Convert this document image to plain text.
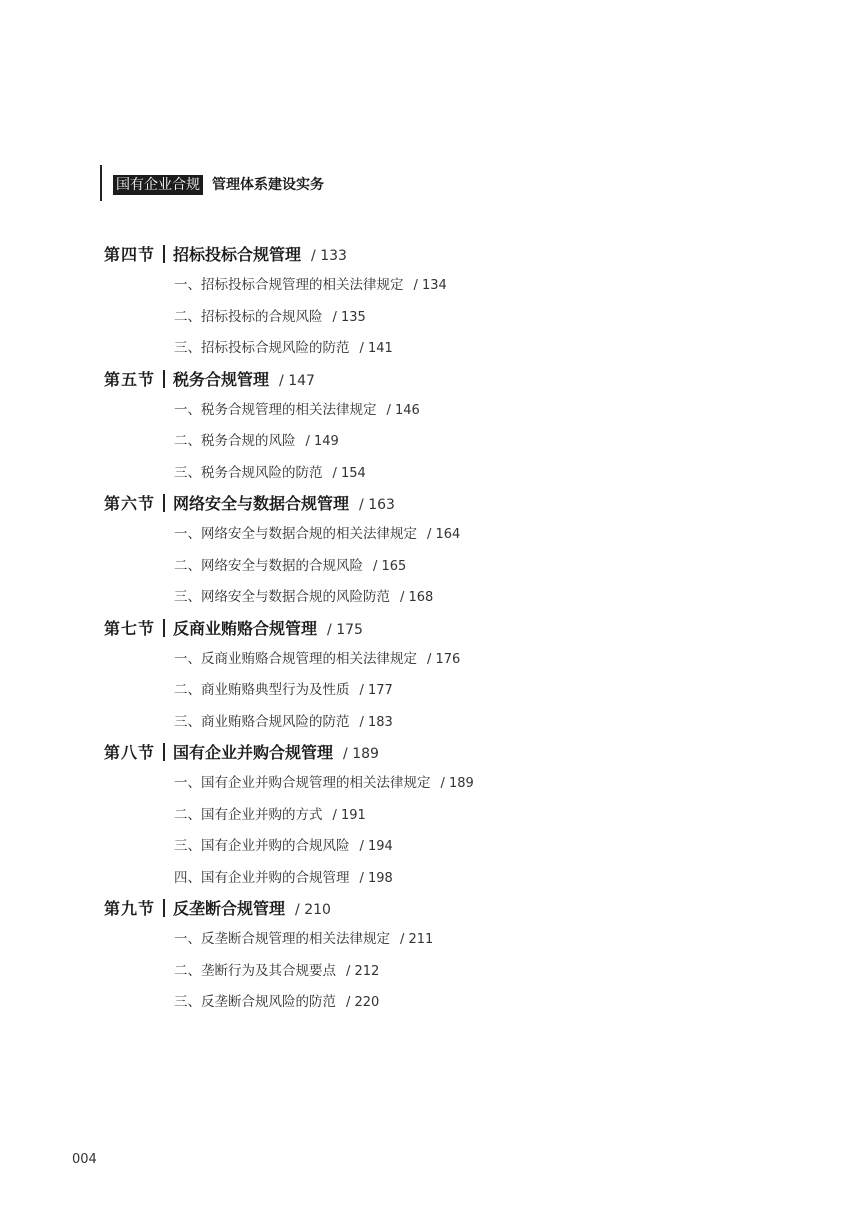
国有企业合规 管理体系建设实务
第四节 招标投标合规管理 / 133
一、招标投标合规管理的相关法律规定 / 134
二、招标投标的合规风险 / 135
三、招标投标合规风险的防范 / 141
第五节 税务合规管理 / 147
一、税务合规管理的相关法律规定 / 146
二、税务合规的风险 / 149
三、税务合规风险的防范 / 154
第六节 网络安全与数据合规管理 / 163
一、网络安全与数据合规的相关法律规定 / 164
二、网络安全与数据的合规风险 / 165
三、网络安全与数据合规的风险防范 / 168
第七节 反商业贿赂合规管理 / 175
一、反商业贿赂合规管理的相关法律规定 / 176
二、商业贿赂典型行为及性质 / 177
三、商业贿赂合规风险的防范 / 183
第八节 国有企业并购合规管理 / 189
一、国有企业并购合规管理的相关法律规定 / 189
二、国有企业并购的方式 / 191
三、国有企业并购的合规风险 / 194
四、国有企业并购的合规管理 / 198
第九节 反垄断合规管理 / 210
一、反垄断合规管理的相关法律规定 / 211
二、垄断行为及其合规要点 / 212
三、反垄断合规风险的防范 / 220
004
